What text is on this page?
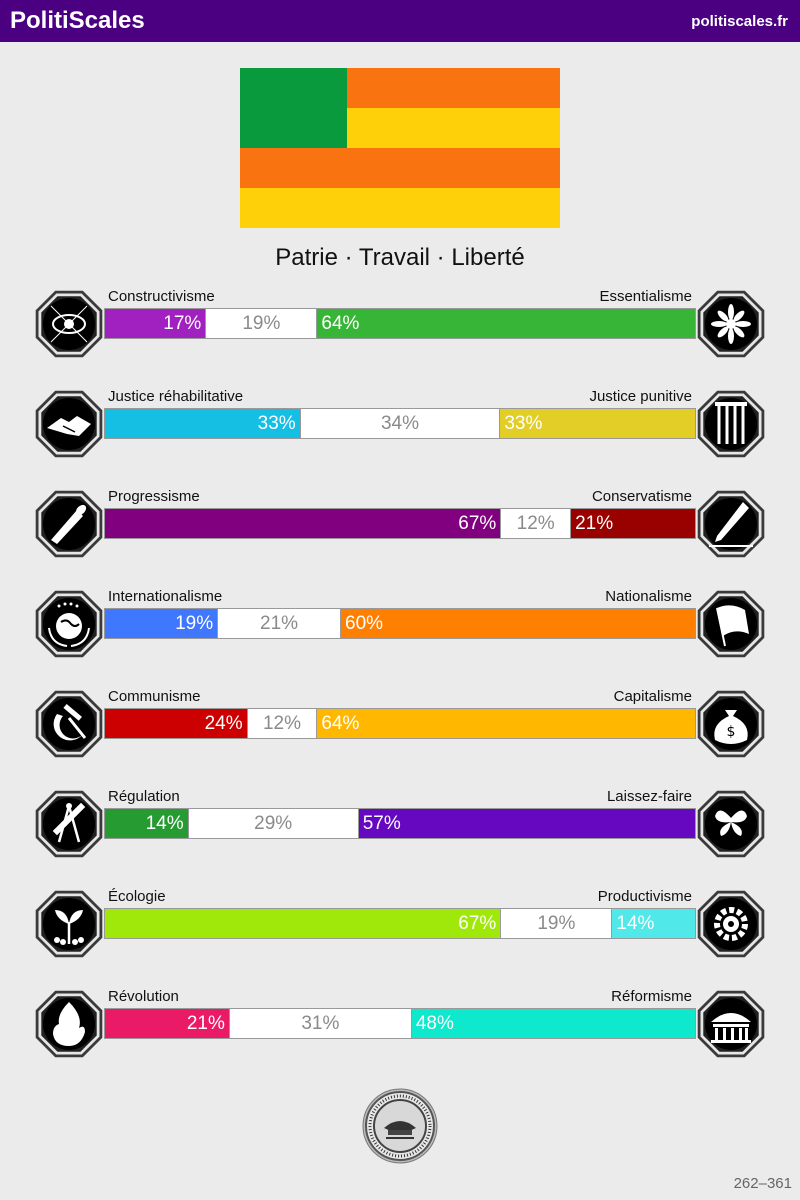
PolitiScales	politiscales.fr
Patrie · Travail · Liberté
Constructivisme	Essentialisme
17%	19%	64%
Justice réhabilitative	Justice punitive
33%	34%	33%
Progressisme	Conservatisme
67%	12%	21%
Internationalisme	Nationalisme
19%	21%	60%
Communisme	Capitalisme
24%	12%	64%	$
Régulation	Laissez-faire
14%	29%	57%
Écologie	Productivisme
67%	19%	14%
Révolution	Réformisme
21%	31%	48%
262–361
